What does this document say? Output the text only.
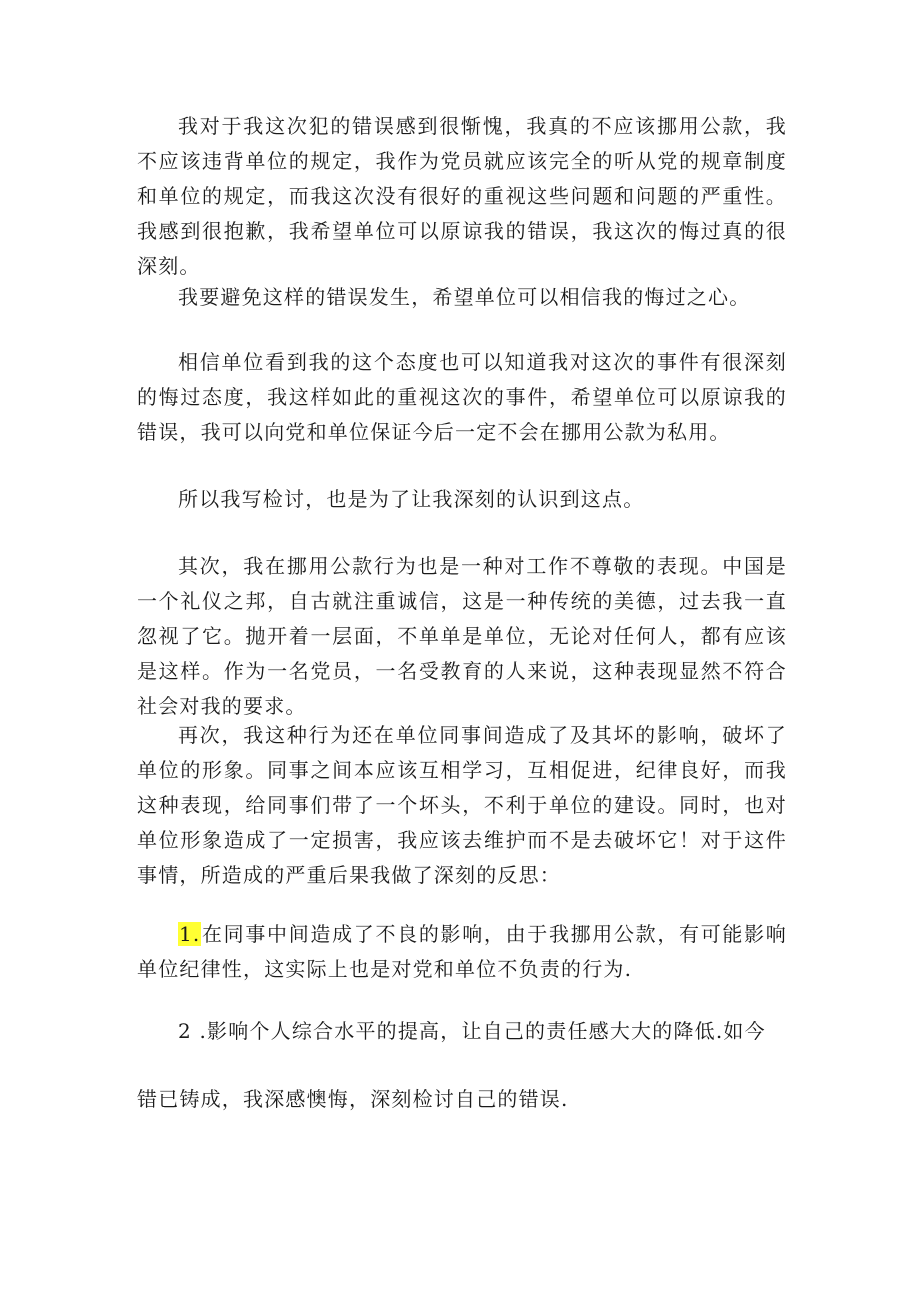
我对于我这次犯的错误感到很惭愧，我真的不应该挪用公款，我不应该违背单位的规定，我作为党员就应该完全的听从党的规章制度和单位的规定，而我这次没有很好的重视这些问题和问题的严重性。我感到很抱歉，我希望单位可以原谅我的错误，我这次的悔过真的很深刻。

我要避免这样的错误发生，希望单位可以相信我的悔过之心。

相信单位看到我的这个态度也可以知道我对这次的事件有很深刻的悔过态度，我这样如此的重视这次的事件，希望单位可以原谅我的错误，我可以向党和单位保证今后一定不会在挪用公款为私用。

所以我写检讨，也是为了让我深刻的认识到这点。

其次，我在挪用公款行为也是一种对工作不尊敬的表现。中国是一个礼仪之邦，自古就注重诚信，这是一种传统的美德，过去我一直忽视了它。抛开着一层面，不单单是单位，无论对任何人，都有应该是这样。作为一名党员，一名受教育的人来说，这种表现显然不符合社会对我的要求。

再次，我这种行为还在单位同事间造成了及其坏的影响，破坏了单位的形象。同事之间本应该互相学习，互相促进，纪律良好，而我这种表现，给同事们带了一个坏头，不利于单位的建设。同时，也对单位形象造成了一定损害，我应该去维护而不是去破坏它！对于这件事情，所造成的严重后果我做了深刻的反思：

1.在同事中间造成了不良的影响，由于我挪用公款，有可能影响单位纪律性，这实际上也是对党和单位不负责的行为.

2 .影响个人综合水平的提高，让自己的责任感大大的降低.如今

错已铸成，我深感懊悔，深刻检讨自己的错误.
